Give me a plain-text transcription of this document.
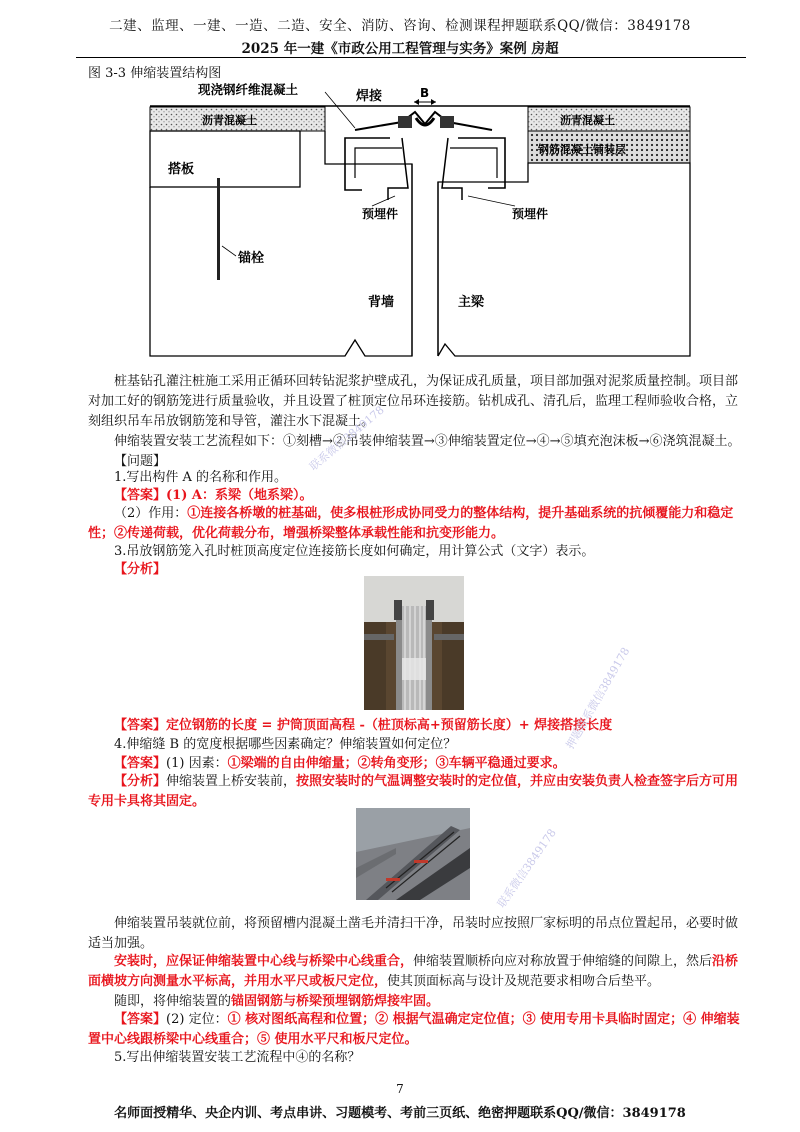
二建、监理、一建、一造、二造、安全、消防、咨询、检测课程押题联系QQ/微信：3849178
2025 年一建《市政公用工程管理与实务》案例 房超
图 3-3 伸缩装置结构图
现浇钢纤维混凝土	焊接	B
沥青混凝土	沥青混凝土
钢筋混凝土铺装层
搭板
预埋件	预埋件
锚栓
背墙	主梁
桩基钻孔灌注桩施工采用正循环回转钻泥浆护壁成孔，为保证成孔质量，项目部加强对泥浆质量控制。项目部对加工好的钢筋笼进行质量验收，并且设置了桩顶定位吊环连接筋。钻机成孔、清孔后，监理工程师验收合格，立刻组织吊车吊放钢筋笼和导管，灌注水下混凝土。
伸缩装置安装工艺流程如下：①刻槽→②吊装伸缩装置→③伸缩装置定位→④→⑤填充泡沫板→⑥浇筑混凝土。
【问题】
1.写出构件 A 的名称和作用。
【答案】(1) A：系梁（地系梁）。
（2）作用：①连接各桥墩的桩基础，使多根桩形成协同受力的整体结构，提升基础系统的抗倾覆能力和稳定性；②传递荷载，优化荷载分布，增强桥梁整体承载性能和抗变形能力。
3.吊放钢筋笼入孔时桩顶高度定位连接筋长度如何确定，用计算公式（文字）表示。
【分析】
【答案】定位钢筋的长度 = 护筒顶面高程 -（桩顶标高+预留筋长度）+ 焊接搭接长度
4.伸缩缝 B 的宽度根据哪些因素确定？伸缩装置如何定位？
【答案】(1) 因素：①梁端的自由伸缩量；②转角变形；③车辆平稳通过要求。
【分析】伸缩装置上桥安装前，按照安装时的气温调整安装时的定位值，并应由安装负责人检查签字后方可用专用卡具将其固定。
伸缩装置吊装就位前，将预留槽内混凝土凿毛并清扫干净，吊装时应按照厂家标明的吊点位置起吊，必要时做适当加强。
安装时，应保证伸缩装置中心线与桥梁中心线重合，伸缩装置顺桥向应对称放置于伸缩缝的间隙上，然后沿桥面横坡方向测量水平标高，并用水平尺或板尺定位，使其顶面标高与设计及规范要求相吻合后垫平。
随即，将伸缩装置的锚固钢筋与桥梁预埋钢筋焊接牢固。
【答案】(2) 定位：① 核对图纸高程和位置；② 根据气温确定定位值；③ 使用专用卡具临时固定；④ 伸缩装置中心线跟桥梁中心线重合；⑤ 使用水平尺和板尺定位。
5.写出伸缩装置安装工艺流程中④的名称？
联系微信3849178
押题联系微信3849178
联系微信3849178
7
名师面授精华、央企内训、考点串讲、习题模考、考前三页纸、绝密押题联系QQ/微信：3849178
